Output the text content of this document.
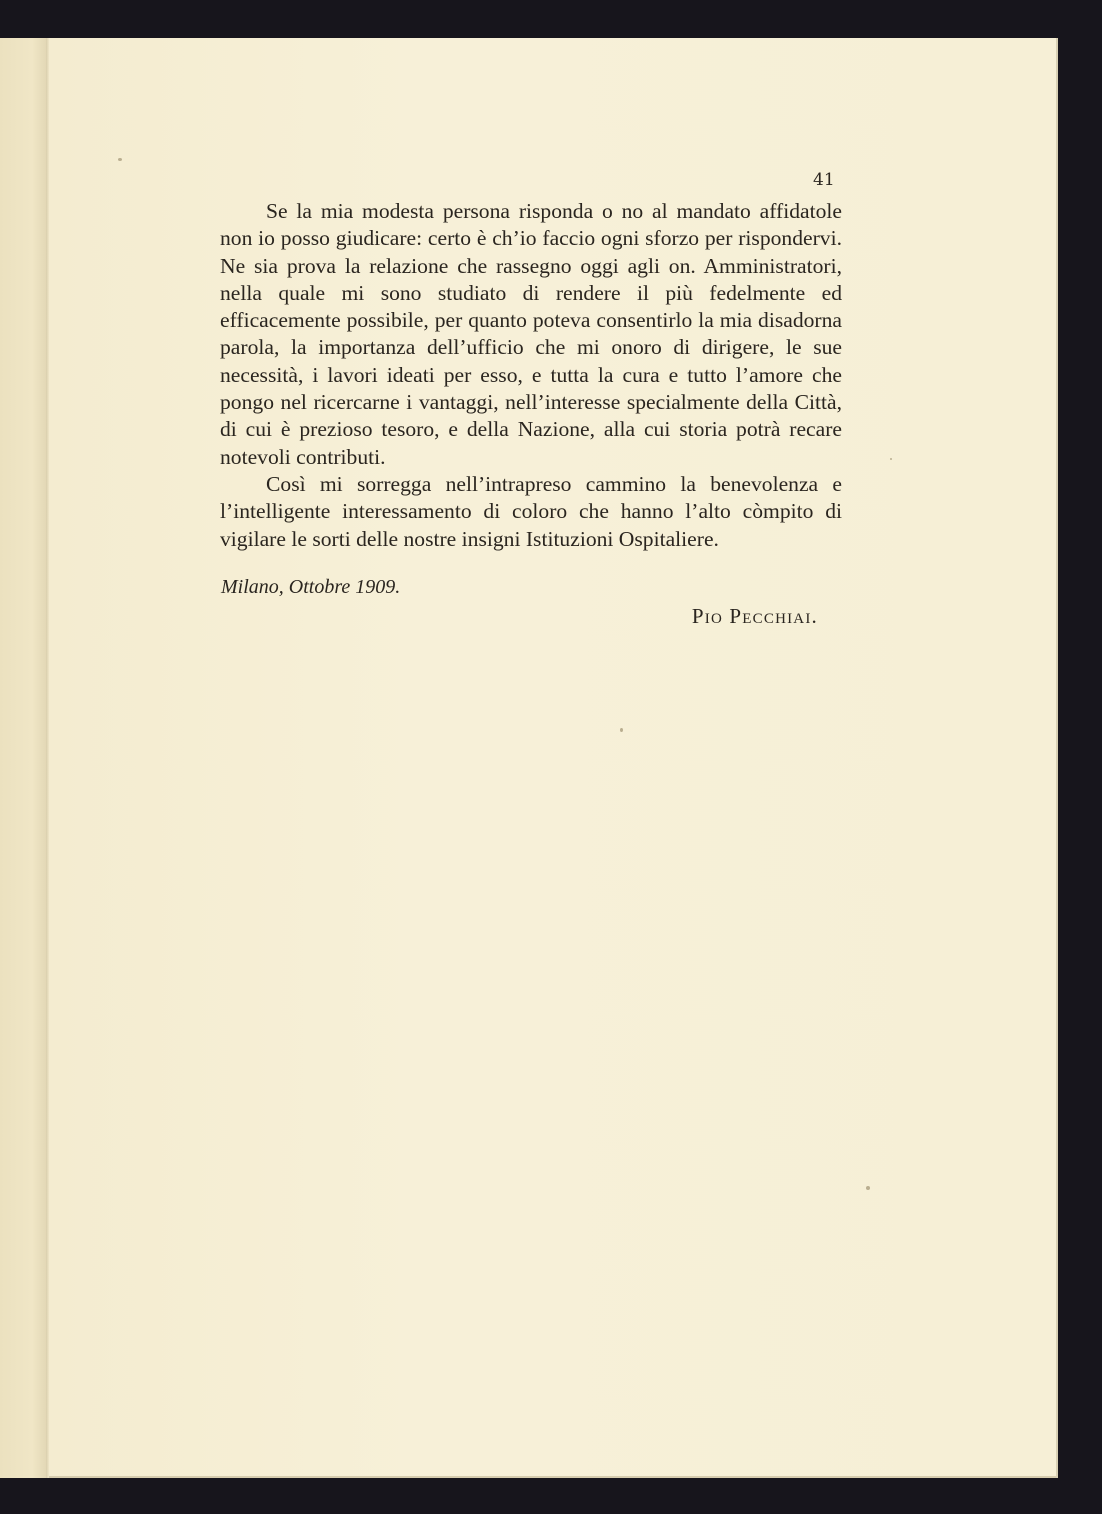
41

Se la mia modesta persona risponda o no al mandato affidatole non io posso giudicare: certo è ch’io faccio ogni sforzo per rispondervi. Ne sia prova la relazione che rassegno oggi agli on. Amministratori, nella quale mi sono studiato di rendere il più fedelmente ed efficacemente possibile, per quanto poteva consentirlo la mia disadorna parola, la importanza dell’ufficio che mi onoro di dirigere, le sue necessità, i lavori ideati per esso, e tutta la cura e tutto l’amore che pongo nel ricercarne i vantaggi, nell’interesse specialmente della Città, di cui è prezioso tesoro, e della Nazione, alla cui storia potrà recare notevoli contributi.

Così mi sorregga nell’intrapreso cammino la benevolenza e l’intelligente interessamento di coloro che hanno l’alto còmpito di vigilare le sorti delle nostre insigni Istituzioni Ospitaliere.

Milano, Ottobre 1909.
Pio Pecchiai.
